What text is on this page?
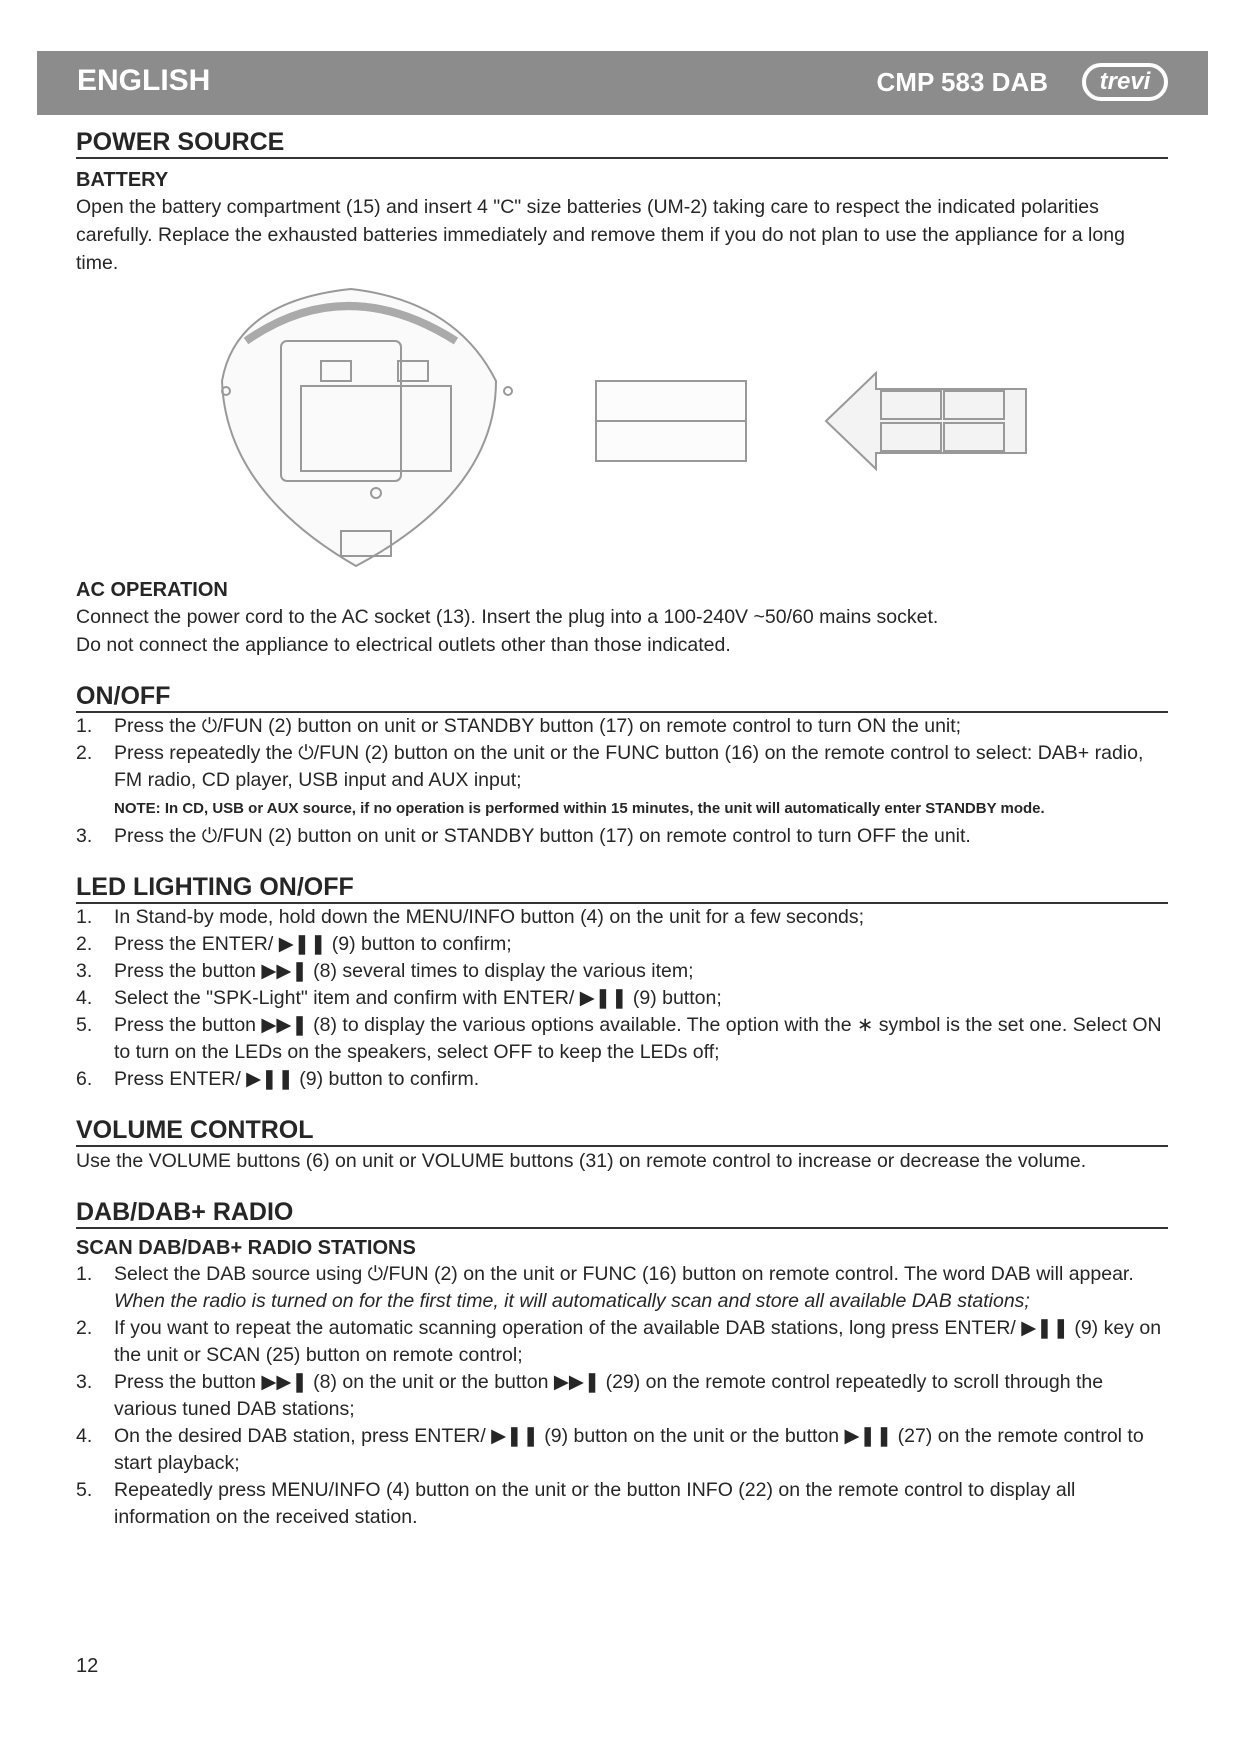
ENGLISH	CMP 583 DAB	trevi
POWER SOURCE
BATTERY

Open the battery compartment (15) and insert 4 "C" size batteries (UM-2) taking care to respect the indicated polarities carefully. Replace the exhausted batteries immediately and remove them if you do not plan to use the appliance for a long time.

AC OPERATION

Connect the power cord to the AC socket (13). Insert the plug into a 100-240V ~50/60 mains socket.

Do not connect the appliance to electrical outlets other than those indicated.

ON/OFF
1. Press the ⏻/FUN (2) button on unit or STANDBY button (17) on remote control to turn ON the unit;
2. Press repeatedly the ⏻/FUN (2) button on the unit or the FUNC button (16) on the remote control to select: DAB+ radio, FM radio, CD player, USB input and AUX input;
NOTE: In CD, USB or AUX source, if no operation is performed within 15 minutes, the unit will automatically enter STANDBY mode.
3. Press the ⏻/FUN (2) button on unit or STANDBY button (17) on remote control to turn OFF the unit.
LED LIGHTING ON/OFF
1. In Stand-by mode, hold down the MENU/INFO button (4) on the unit for a few seconds;
2. Press the ENTER/ ▶❚❚ (9) button to confirm;
3. Press the button ▶▶❚ (8) several times to display the various item;
4. Select the "SPK-Light" item and confirm with ENTER/ ▶❚❚ (9) button;
5. Press the button ▶▶❚ (8) to display the various options available. The option with the ∗ symbol is the set one. Select ON to turn on the LEDs on the speakers, select OFF to keep the LEDs off;
6. Press ENTER/ ▶❚❚ (9) button to confirm.
VOLUME CONTROL

Use the VOLUME buttons (6) on unit or VOLUME buttons (31) on remote control to increase or decrease the volume.

DAB/DAB+ RADIO
SCAN DAB/DAB+ RADIO STATIONS
1. Select the DAB source using ⏻/FUN (2) on the unit or FUNC (16) button on remote control. The word DAB will appear.
When the radio is turned on for the first time, it will automatically scan and store all available DAB stations;
2. If you want to repeat the automatic scanning operation of the available DAB stations, long press ENTER/ ▶❚❚ (9) key on the unit or SCAN (25) button on remote control;
3. Press the button ▶▶❚ (8) on the unit or the button ▶▶❚ (29) on the remote control repeatedly to scroll through the various tuned DAB stations;
4. On the desired DAB station, press ENTER/ ▶❚❚ (9) button on the unit or the button ▶❚❚ (27) on the remote control to start playback;
5. Repeatedly press MENU/INFO (4) button on the unit or the button INFO (22) on the remote control to display all information on the received station.
12
